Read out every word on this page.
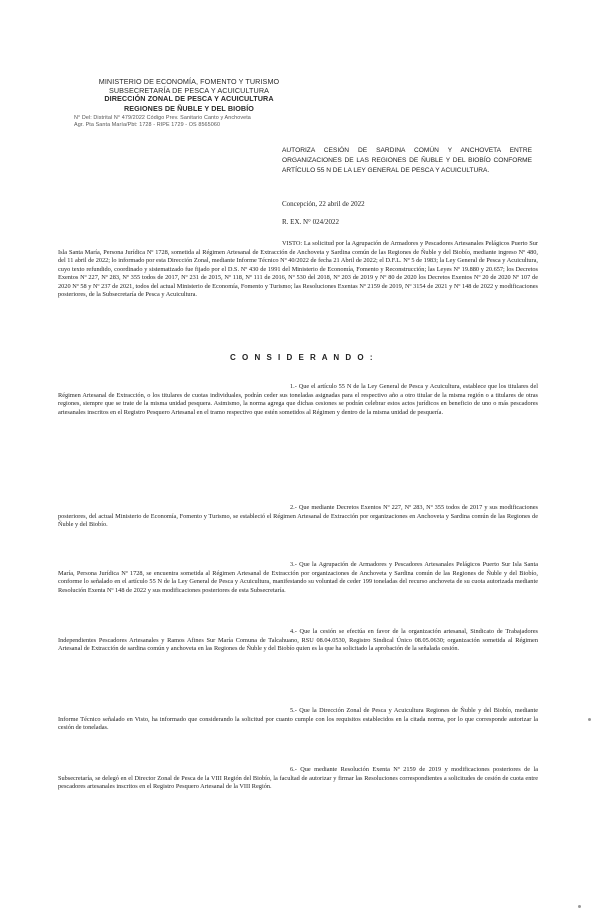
MINISTERIO DE ECONOMÍA, FOMENTO Y TURISMO
SUBSECRETARÍA DE PESCA Y ACUICULTURA
DIRECCIÓN ZONAL DE PESCA Y ACUICULTURA
REGIONES DE ÑUBLE Y DEL BIOBÍO
N° Del: Distrital N° 479/2022 Código Prev. Sanitario Canto y Anchoveta
Agr. Pta Santa María/Pbt: 1728 - RIPE 1729 - OS 8565060
AUTORIZA CESIÓN DE SARDINA COMÚN Y ANCHOVETA ENTRE ORGANIZACIONES DE LAS REGIONES DE ÑUBLE Y DEL BIOBÍO CONFORME ARTÍCULO 55 N DE LA LEY GENERAL DE PESCA Y ACUICULTURA.
Concepción, 22 abril de 2022
R. EX. N° 024/2022
VISTO: La solicitud por la Agrupación de Armadores y Pescadores Artesanales Pelágicos Puerto Sur Isla Santa María, Persona Jurídica Nº 1728, sometida al Régimen Artesanal de Extracción de Anchoveta y Sardina común de las Regiones de Ñuble y del Biobío, mediante ingreso Nº 480, del 11 abril de 2022; lo informado por esta Dirección Zonal, mediante Informe Técnico Nº 40/2022 de fecha 21 Abril de 2022; el D.F.L. Nº 5 de 1983; la Ley General de Pesca y Acuicultura, cuyo texto refundido, coordinado y sistematizado fue fijado por el D.S. Nº 430 de 1991 del Ministerio de Economía, Fomento y Reconstrucción; las Leyes Nº 19.880 y 20.657; los Decretos Exentos Nº 227, Nº 283, Nº 355 todos de 2017, Nº 231 de 2015, Nº 118, Nº 111 de 2016, Nº 530 del 2018, Nº 203 de 2019 y Nº 80 de 2020 los Decretos Exentos Nº 20 de 2020 Nº 107 de 2020 Nº 58 y Nº 237 de 2021, todos del actual Ministerio de Economía, Fomento y Turismo; las Resoluciones Exentas Nº 2159 de 2019, Nº 3154 de 2021 y Nº 148 de 2022 y modificaciones posteriores, de la Subsecretaría de Pesca y Acuicultura.
C O N S I D E R A N D O :
1.- Que el artículo 55 N de la Ley General de Pesca y Acuicultura, establece que los titulares del Régimen Artesanal de Extracción, o los titulares de cuotas individuales, podrán ceder sus toneladas asignadas para el respectivo año a otro titular de la misma región o a titulares de otras regiones, siempre que se trate de la misma unidad pesquera. Asimismo, la norma agrega que dichas cesiones se podrán celebrar estos actos jurídicos en beneficio de uno o más pescadores artesanales inscritos en el Registro Pesquero Artesanal en el tramo respectivo que estén sometidos al Régimen y dentro de la misma unidad de pesquería.
2.- Que mediante Decretos Exentos Nº 227, Nº 283, Nº 355 todos de 2017 y sus modificaciones posteriores, del actual Ministerio de Economía, Fomento y Turismo, se estableció el Régimen Artesanal de Extracción por organizaciones en Anchoveta y Sardina común de las Regiones de Ñuble y del Biobío.
3.- Que la Agrupación de Armadores y Pescadores Artesanales Pelágicos Puerto Sur Isla Santa María, Persona Jurídica Nº 1728, se encuentra sometida al Régimen Artesanal de Extracción por organizaciones de Anchoveta y Sardina común de las Regiones de Ñuble y del Biobío, conforme lo señalado en el artículo 55 N de la Ley General de Pesca y Acuicultura, manifestando su voluntad de ceder 199 toneladas del recurso anchoveta de su cuota autorizada mediante Resolución Exenta Nº 148 de 2022 y sus modificaciones posteriores de esta Subsecretaría.
4.- Que la cesión se efectúa en favor de la organización artesanal, Sindicato de Trabajadores Independientes Pescadores Artesanales y Ramos Afines Sur María Comuna de Talcahuano, RSU 08.04.0530, Registro Sindical Único 08.05.0630; organización sometida al Régimen Artesanal de Extracción de sardina común y anchoveta en las Regiones de Ñuble y del Biobío quien es la que ha solicitado la aprobación de la señalada cesión.
5.- Que la Dirección Zonal de Pesca y Acuicultura Regiones de Ñuble y del Biobío, mediante Informe Técnico señalado en Visto, ha informado que considerando la solicitud por cuanto cumple con los requisitos establecidos en la citada norma, por lo que corresponde autorizar la cesión de toneladas.
6.- Que mediante Resolución Exenta Nº 2159 de 2019 y modificaciones posteriores de la Subsecretaría, se delegó en el Director Zonal de Pesca de la VIII Región del Biobío, la facultad de autorizar y firmar las Resoluciones correspondientes a solicitudes de cesión de cuota entre pescadores artesanales inscritos en el Registro Pesquero Artesanal de la VIII Región.
